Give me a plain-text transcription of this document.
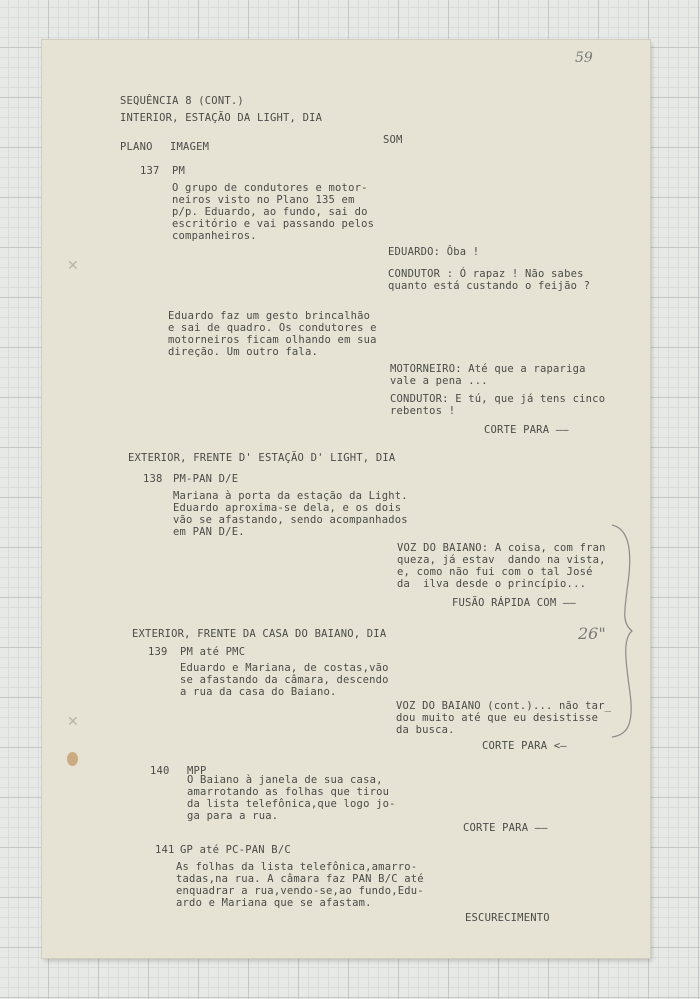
59
SEQUÊNCIA 8 (CONT.)
INTERIOR, ESTAÇÃO DA LIGHT, DIA
PLANO IMAGEM
SOM
137 PM
O grupo de condutores e motor-
neiros visto no Plano 135 em
p/p. Eduardo, ao fundo, sai do
escritório e vai passando pelos
companheiros.
EDUARDO: Ôba !
CONDUTOR : Ó rapaz ! Não sabes
quanto está custando o feijão ?
Eduardo faz um gesto brincalhão
e sai de quadro. Os condutores e
motorneiros ficam olhando em sua
direção. Um outro fala.
MOTORNEIRO: Até que a rapariga
vale a pena ...
CONDUTOR: E tú, que já tens cinco
rebentos !
CORTE PARA ——
EXTERIOR, FRENTE D' ESTAÇÃO D' LIGHT, DIA
138 PM-PAN D/E
Mariana à porta da estação da Light.
Eduardo aproxima-se dela, e os dois
vão se afastando, sendo acompanhados
em PAN D/E.
VOZ DO BAIANO: A coisa, com fran
queza, já estav  dando na vista,
e, como não fui com o tal José
da  ilva desde o princípio...
FUSÃO RÁPIDA COM ——
26"
EXTERIOR, FRENTE DA CASA DO BAIANO, DIA
139 PM até PMC
Eduardo e Mariana, de costas,vão
se afastando da câmara, descendo
a rua da casa do Baiano.
VOZ DO BAIANO (cont.)... não tar_
dou muito até que eu desistisse
da busca.
CORTE PARA <—
140 MPP
O Baiano à janela de sua casa,
amarrotando as folhas que tirou
da lista telefônica,que logo jo-
ga para a rua.
CORTE PARA ——
141 GP até PC-PAN B/C
As folhas da lista telefônica,amarro-
tadas,na rua. A câmara faz PAN B/C até
enquadrar a rua,vendo-se,ao fundo,Edu-
ardo e Mariana que se afastam.
ESCURECIMENTO
✕
✕
